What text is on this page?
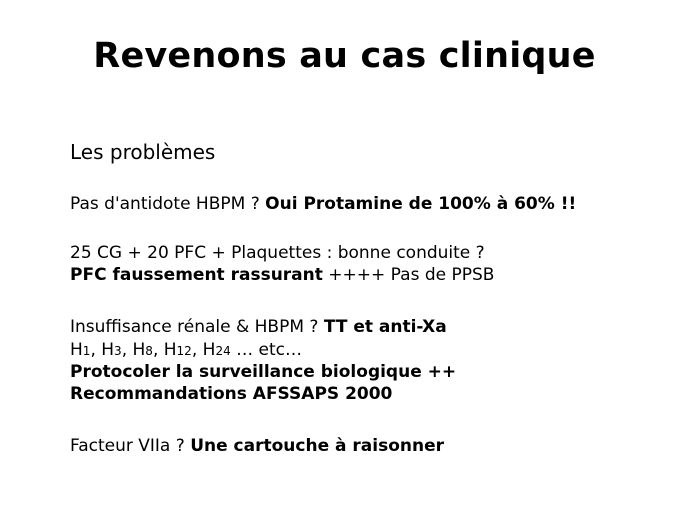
Revenons au cas clinique
Les problèmes
Pas d'antidote HBPM ? Oui Protamine de 100% à 60% !!
25 CG + 20 PFC + Plaquettes : bonne conduite ?
PFC faussement rassurant ++++ Pas de PPSB
Insuffisance rénale & HBPM ? TT et anti-Xa
H1, H3, H8, H12, H24 … etc…
Protocoler la surveillance biologique ++
Recommandations AFSSAPS 2000
Facteur VIIa ? Une cartouche à raisonner
